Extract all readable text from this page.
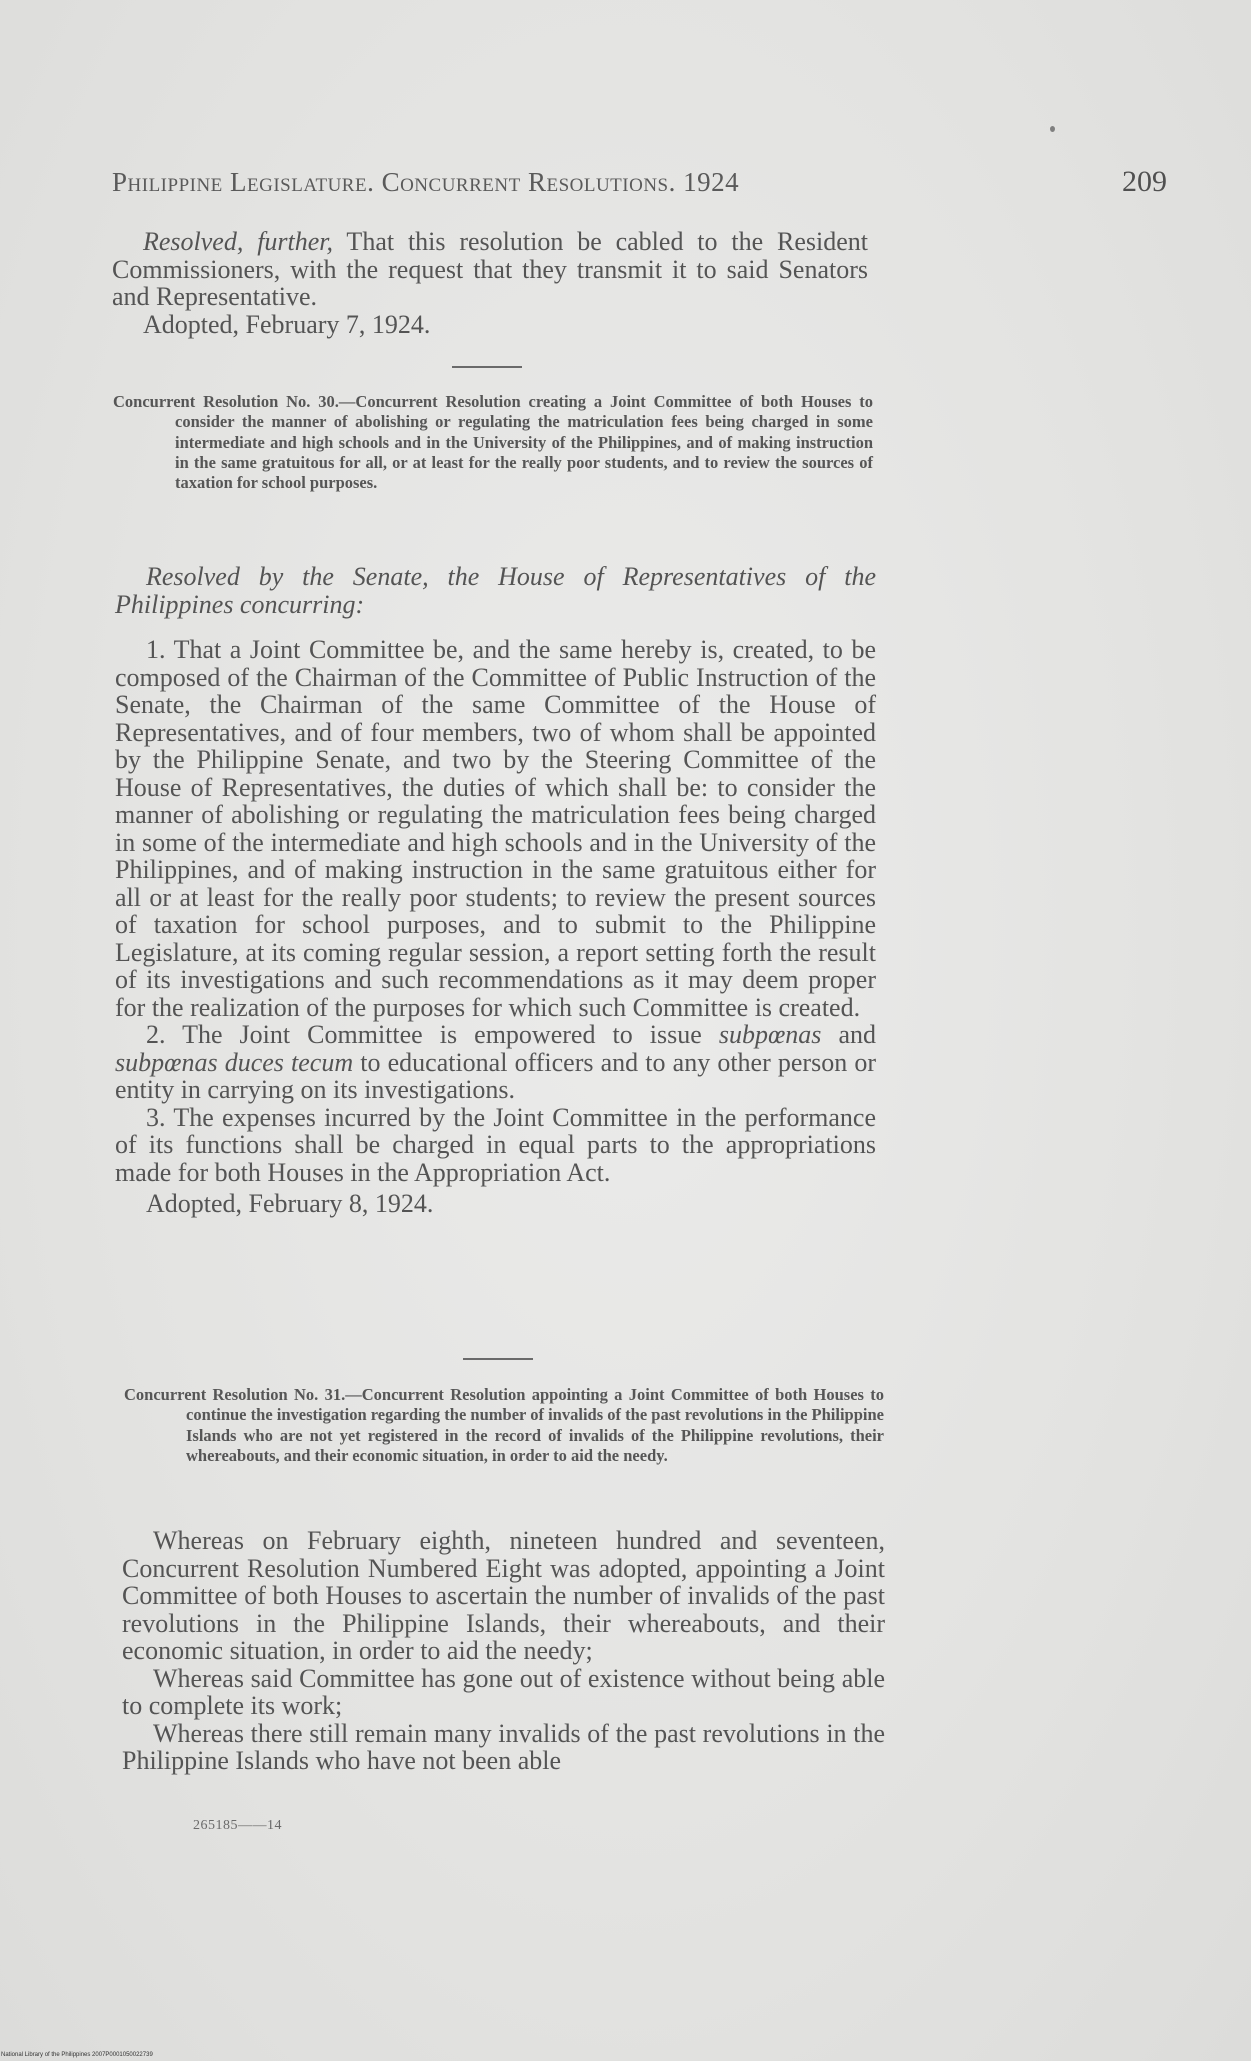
Philippine Legislature. Concurrent Resolutions. 1924	209

Resolved, further, That this resolution be cabled to the Resident Commissioners, with the request that they transmit it to said Senators and Representative.

Adopted, February 7, 1924.

Concurrent Resolution No. 30.—Concurrent Resolution creating a Joint Committee of both Houses to consider the manner of abolishing or regulating the matriculation fees being charged in some intermediate and high schools and in the University of the Philippines, and of making instruction in the same gratuitous for all, or at least for the really poor students, and to review the sources of taxation for school purposes.

Resolved by the Senate, the House of Representatives of the Philippines concurring:

1. That a Joint Committee be, and the same hereby is, created, to be composed of the Chairman of the Committee of Public Instruction of the Senate, the Chairman of the same Committee of the House of Representatives, and of four members, two of whom shall be appointed by the Philippine Senate, and two by the Steering Committee of the House of Representatives, the duties of which shall be: to consider the manner of abolishing or regulating the matriculation fees being charged in some of the intermediate and high schools and in the University of the Philippines, and of making instruction in the same gratuitous either for all or at least for the really poor students; to review the present sources of taxation for school purposes, and to submit to the Philippine Legislature, at its coming regular session, a report setting forth the result of its investigations and such recommendations as it may deem proper for the realization of the purposes for which such Committee is created.

2. The Joint Committee is empowered to issue subpœnas and subpœnas duces tecum to educational officers and to any other person or entity in carrying on its investigations.

3. The expenses incurred by the Joint Committee in the performance of its functions shall be charged in equal parts to the appropriations made for both Houses in the Appropriation Act.

Adopted, February 8, 1924.

Concurrent Resolution No. 31.—Concurrent Resolution appointing a Joint Committee of both Houses to continue the investigation regarding the number of invalids of the past revolutions in the Philippine Islands who are not yet registered in the record of invalids of the Philippine revolutions, their whereabouts, and their economic situation, in order to aid the needy.

Whereas on February eighth, nineteen hundred and seventeen, Concurrent Resolution Numbered Eight was adopted, appointing a Joint Committee of both Houses to ascertain the number of invalids of the past revolutions in the Philippine Islands, their whereabouts, and their economic situation, in order to aid the needy;

Whereas said Committee has gone out of existence without being able to complete its work;

Whereas there still remain many invalids of the past revolutions in the Philippine Islands who have not been able

265185——14
National Library of the Philippines 2007P0001050022739
